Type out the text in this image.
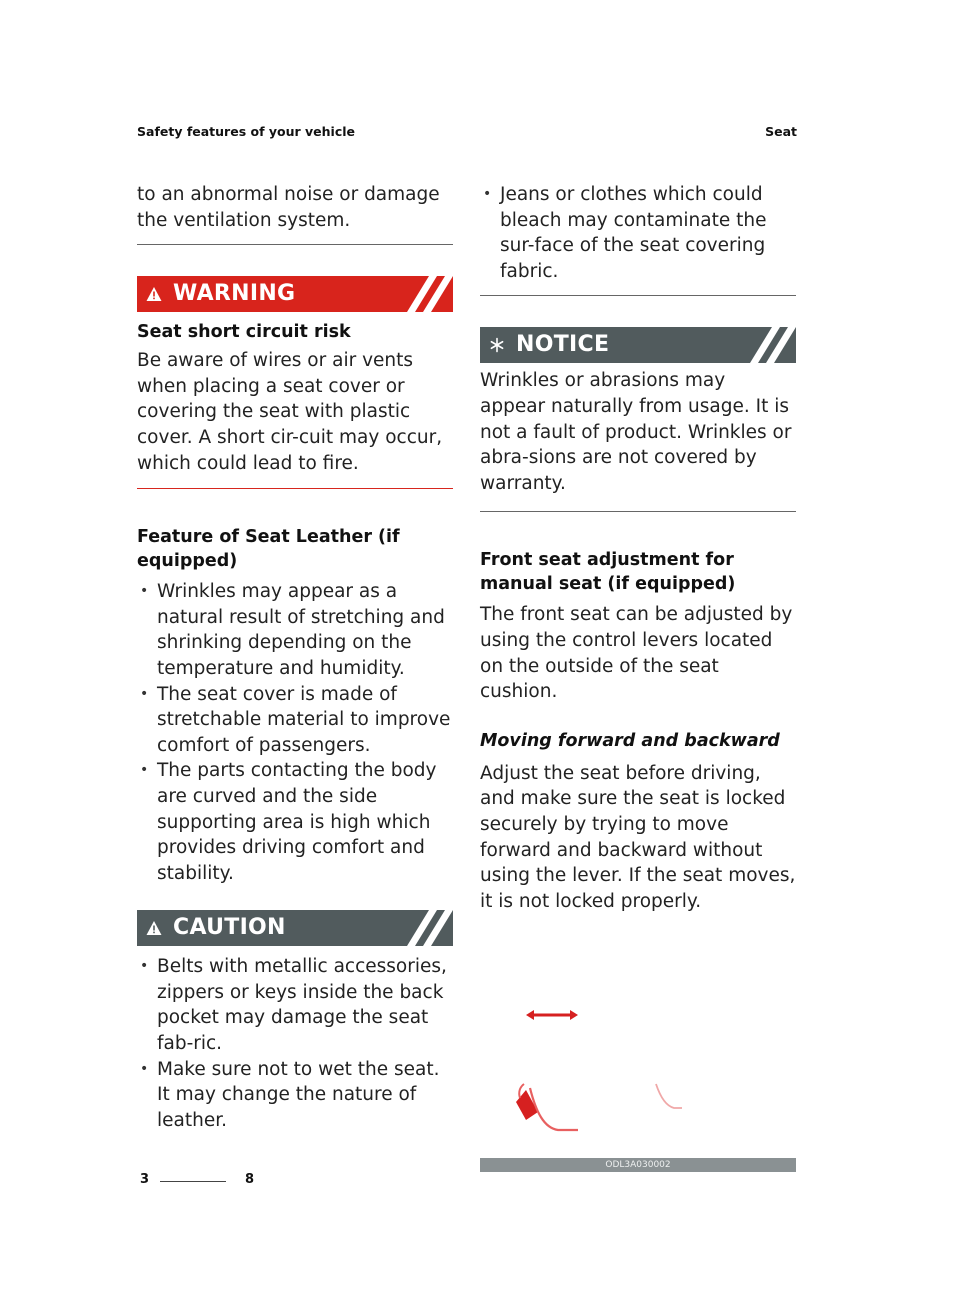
Safety features of your vehicle	Seat

to an abnormal noise or damage the ventilation system.

WARNING
Seat short circuit risk

Be aware of wires or air vents when placing a seat cover or covering the seat with plastic cover. A short cir-cuit may occur, which could lead to fire.

Feature of Seat Leather (if equipped)
• Wrinkles may appear as a natural result of stretching and shrinking depending on the temperature and humidity.
• The seat cover is made of stretchable material to improve comfort of passengers.
• The parts contacting the body are curved and the side supporting area is high which provides driving comfort and stability.
CAUTION
• Belts with metallic accessories, zippers or keys inside the back pocket may damage the seat fab-ric.
• Make sure not to wet the seat. It may change the nature of leather.
• Jeans or clothes which could bleach may contaminate the sur-face of the seat covering fabric.
NOTICE

Wrinkles or abrasions may appear naturally from usage. It is not a fault of product. Wrinkles or abra-sions are not covered by warranty.

Front seat adjustment for manual seat (if equipped)

The front seat can be adjusted by using the control levers located on the outside of the seat cushion.

Moving forward and backward

Adjust the seat before driving, and make sure the seat is locked securely by trying to move forward and backward without using the lever. If the seat moves, it is not locked properly.

ODL3A030002
3	8
